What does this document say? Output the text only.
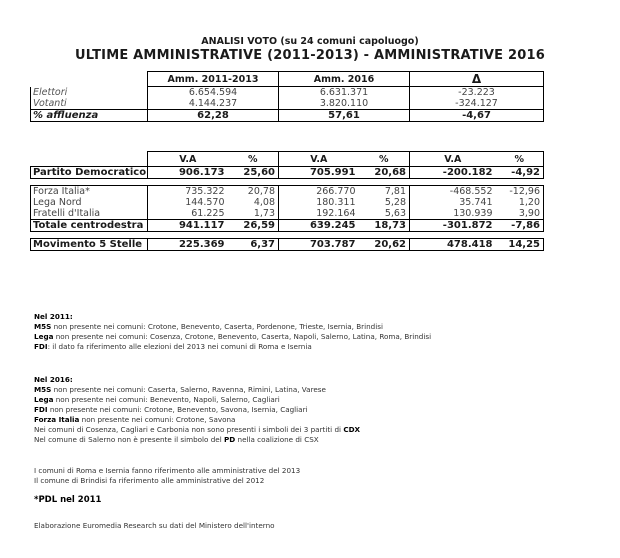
ANALISI VOTO (su 24 comuni capoluogo)
ULTIME AMMINISTRATIVE (2011-2013) - AMMINISTRATIVE 2016
	Amm. 2011-2013	Amm. 2016	Δ
Elettori	6.654.594	6.631.371	-23.223
Votanti	4.144.237	3.820.110	-324.127
% affluenza	62,28	57,61	-4,67
	V.A	%	V.A	%	V.A	%
Partito Democratico	906.173	25,60	705.991	20,68	-200.182	-4,92

Forza Italia*	735.322	20,78	266.770	7,81	-468.552	-12,96
Lega Nord	144.570	4,08	180.311	5,28	35.741	1,20
Fratelli d'Italia	61.225	1,73	192.164	5,63	130.939	3,90
Totale centrodestra	941.117	26,59	639.245	18,73	-301.872	-7,86

Movimento 5 Stelle	225.369	6,37	703.787	20,62	478.418	14,25
Nel 2011:
M5S non presente nei comuni: Crotone, Benevento, Caserta, Pordenone, Trieste, Isernia, Brindisi
Lega non presente nei comuni: Cosenza, Crotone, Benevento, Caserta, Napoli, Salerno, Latina, Roma, Brindisi
FDI: il dato fa riferimento alle elezioni del 2013 nei comuni di Roma e Isernia
Nel 2016:
M5S non presente nei comuni: Caserta, Salerno, Ravenna, Rimini, Latina, Varese
Lega non presente nei comuni: Benevento, Napoli, Salerno, Cagliari
FDI non presente nei comuni: Crotone, Benevento, Savona, Isernia, Cagliari
Forza Italia non presente nei comuni: Crotone, Savona
Nei comuni di Cosenza, Cagliari e Carbonia non sono presenti i simboli dei 3 partiti di CDX
Nel comune di Salerno non è presente il simbolo del PD nella coalizione di CSX
I comuni di Roma e Isernia fanno riferimento alle amministrative del 2013
Il comune di Brindisi fa riferimento alle amministrative del 2012
*PDL nel 2011
Elaborazione Euromedia Research su dati del Ministero dell'interno
